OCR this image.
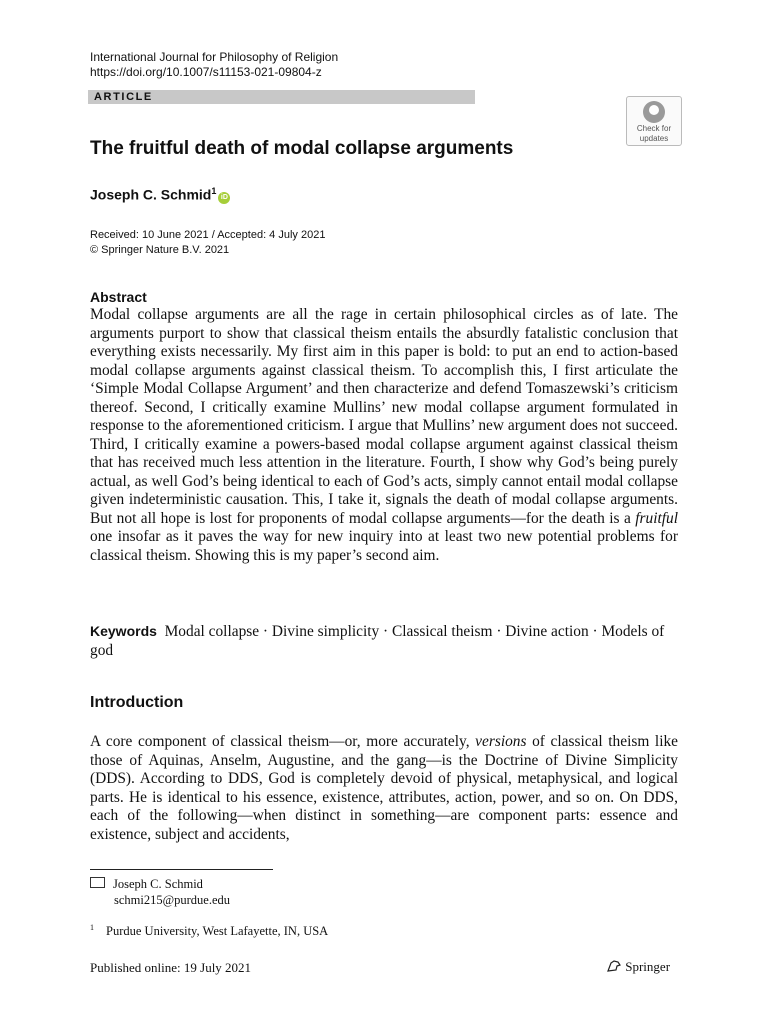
International Journal for Philosophy of Religion
https://doi.org/10.1007/s11153-021-09804-z
ARTICLE
Check for
updates
The fruitful death of modal collapse arguments
Joseph C. Schmid$^1$iD
Received: 10 June 2021 / Accepted: 4 July 2021
© Springer Nature B.V. 2021
Abstract
Modal collapse arguments are all the rage in certain philosophical circles as of late. The arguments purport to show that classical theism entails the absurdly fatalistic conclusion that everything exists necessarily. My first aim in this paper is bold: to put an end to action-based modal collapse arguments against classical theism. To accomplish this, I first articulate the ‘Simple Modal Collapse Argument’ and then characterize and defend Tomaszewski’s criticism thereof. Second, I critically examine Mullins’ new modal collapse argument formulated in response to the aforementioned criticism. I argue that Mullins’ new argument does not succeed. Third, I critically examine a powers-based modal collapse argument against classical theism that has received much less attention in the literature. Fourth, I show why God’s being purely actual, as well God’s being identical to each of God’s acts, simply cannot entail modal collapse given indeterministic causation. This, I take it, signals the death of modal collapse arguments. But not all hope is lost for proponents of modal collapse arguments—for the death is a fruitful one insofar as it paves the way for new inquiry into at least two new potential problems for classical theism. Showing this is my paper’s second aim.
Keywords Modal collapse · Divine simplicity · Classical theism · Divine action · Models of god
Introduction
A core component of classical theism—or, more accurately, versions of classical theism like those of Aquinas, Anselm, Augustine, and the gang—is the Doctrine of Divine Simplicity (DDS). According to DDS, God is completely devoid of physical, metaphysical, and logical parts. He is identical to his essence, existence, attributes, action, power, and so on. On DDS, each of the following—when distinct in something—are component parts: essence and existence, subject and accidents,
Joseph C. Schmid
schmi215@purdue.edu
$^1$ Purdue University, West Lafayette, IN, USA
Published online: 19 July 2021	Springer
